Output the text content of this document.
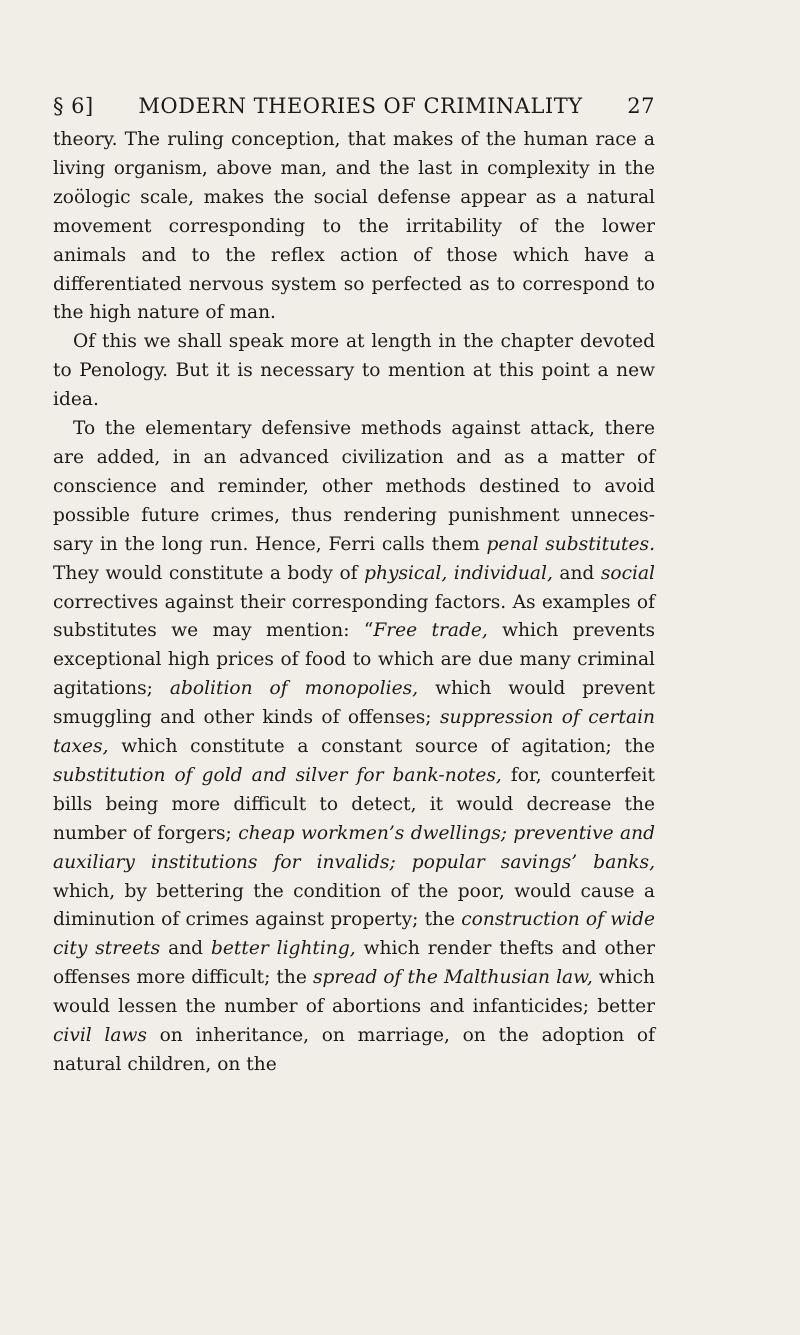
§ 6] MODERN THEORIES OF CRIMINALITY 27

theory. The ruling conception, that makes of the human race a living organism, above man, and the last in complexity in the zoölogic scale, makes the social defense appear as a natural movement corresponding to the irritability of the lower animals and to the reflex action of those which have a differentiated nervous system so perfected as to correspond to the high nature of man.

Of this we shall speak more at length in the chapter devoted to Penology. But it is necessary to mention at this point a new idea.

To the elementary defensive methods against attack, there are added, in an advanced civilization and as a matter of conscience and reminder, other methods destined to avoid possible future crimes, thus rendering punishment unnecessary in the long run. Hence, Ferri calls them penal substitutes. They would constitute a body of physical, individual, and social correctives against their corresponding factors. As examples of substitutes we may mention: “Free trade, which prevents exceptional high prices of food to which are due many criminal agitations; abolition of monopolies, which would prevent smuggling and other kinds of offenses; suppression of certain taxes, which constitute a constant source of agitation; the substitution of gold and silver for bank-notes, for, counterfeit bills being more difficult to detect, it would decrease the number of forgers; cheap workmen’s dwellings; preventive and auxiliary institutions for invalids; popular savings’ banks, which, by bettering the condition of the poor, would cause a diminution of crimes against property; the construction of wide city streets and better lighting, which render thefts and other offenses more difficult; the spread of the Malthusian law, which would lessen the number of abortions and infanticides; better civil laws on inheritance, on marriage, on the adoption of natural children, on the
